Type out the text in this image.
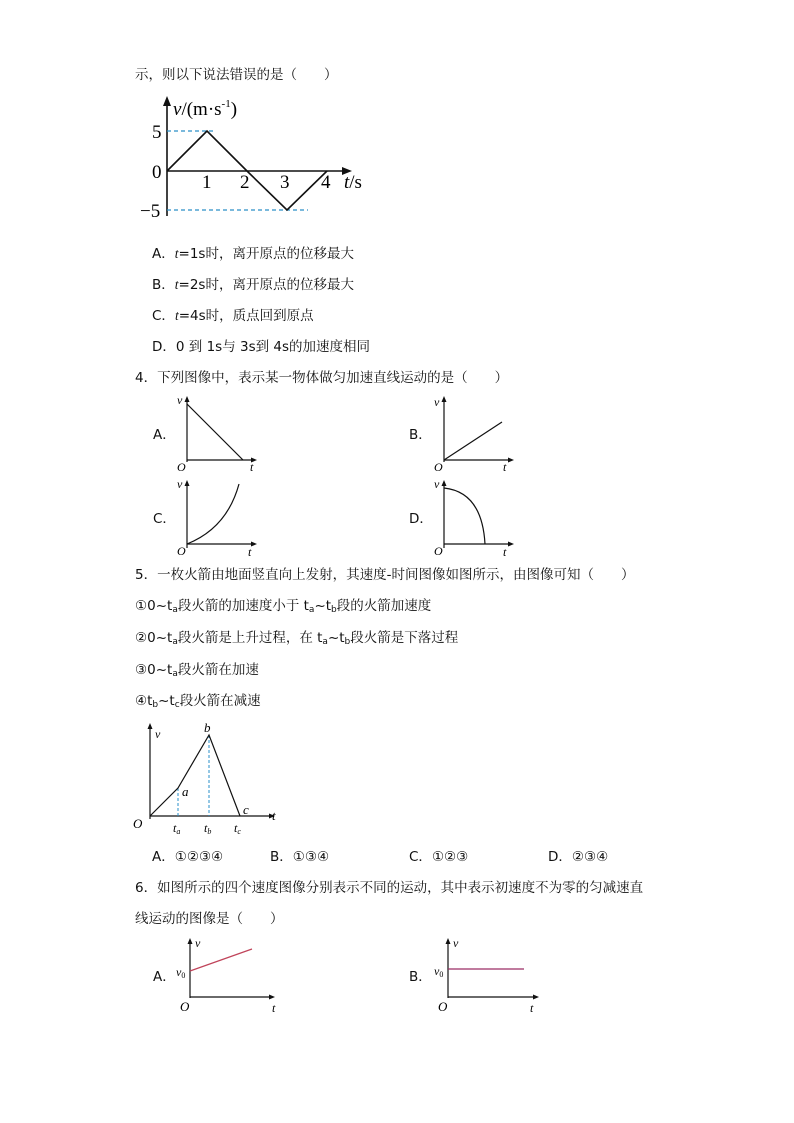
示，则以下说法错误的是（　　）
$v/(m\cdot s^{-1})$
5
0
−5
1 2 3 4 t/s
A．t=1s时，离开原点的位移最大
B．t=2s时，离开原点的位移最大
C．t=4s时，质点回到原点
D．0 到 1s与 3s到 4s的加速度相同
4．下列图像中，表示某一物体做匀加速直线运动的是（　　）
A．
v
O	t
B．
v
O	t
C．
v
O	t
D．
v
O	t
5．一枚火箭由地面竖直向上发射，其速度-时间图像如图所示，由图像可知（　　）
$①0\sim t_a$段火箭的加速度小于 $t_a\sim t_b$段的火箭加速度
$②0\sim t_a$段火箭是上升过程，在 $t_a\sim t_b$段火箭是下落过程
$③0\sim t_a$段火箭在加速
$④t_b\sim t_c$段火箭在减速
v
O
t
a
b
c
ta tb tc
A．①②③④	B．①③④	C．①②③	D．②③④
6．如图所示的四个速度图像分别表示不同的运动，其中表示初速度不为零的匀减速直
线运动的图像是（　　）
A．
v
O	t
v0	B．
v
O	t
v0
